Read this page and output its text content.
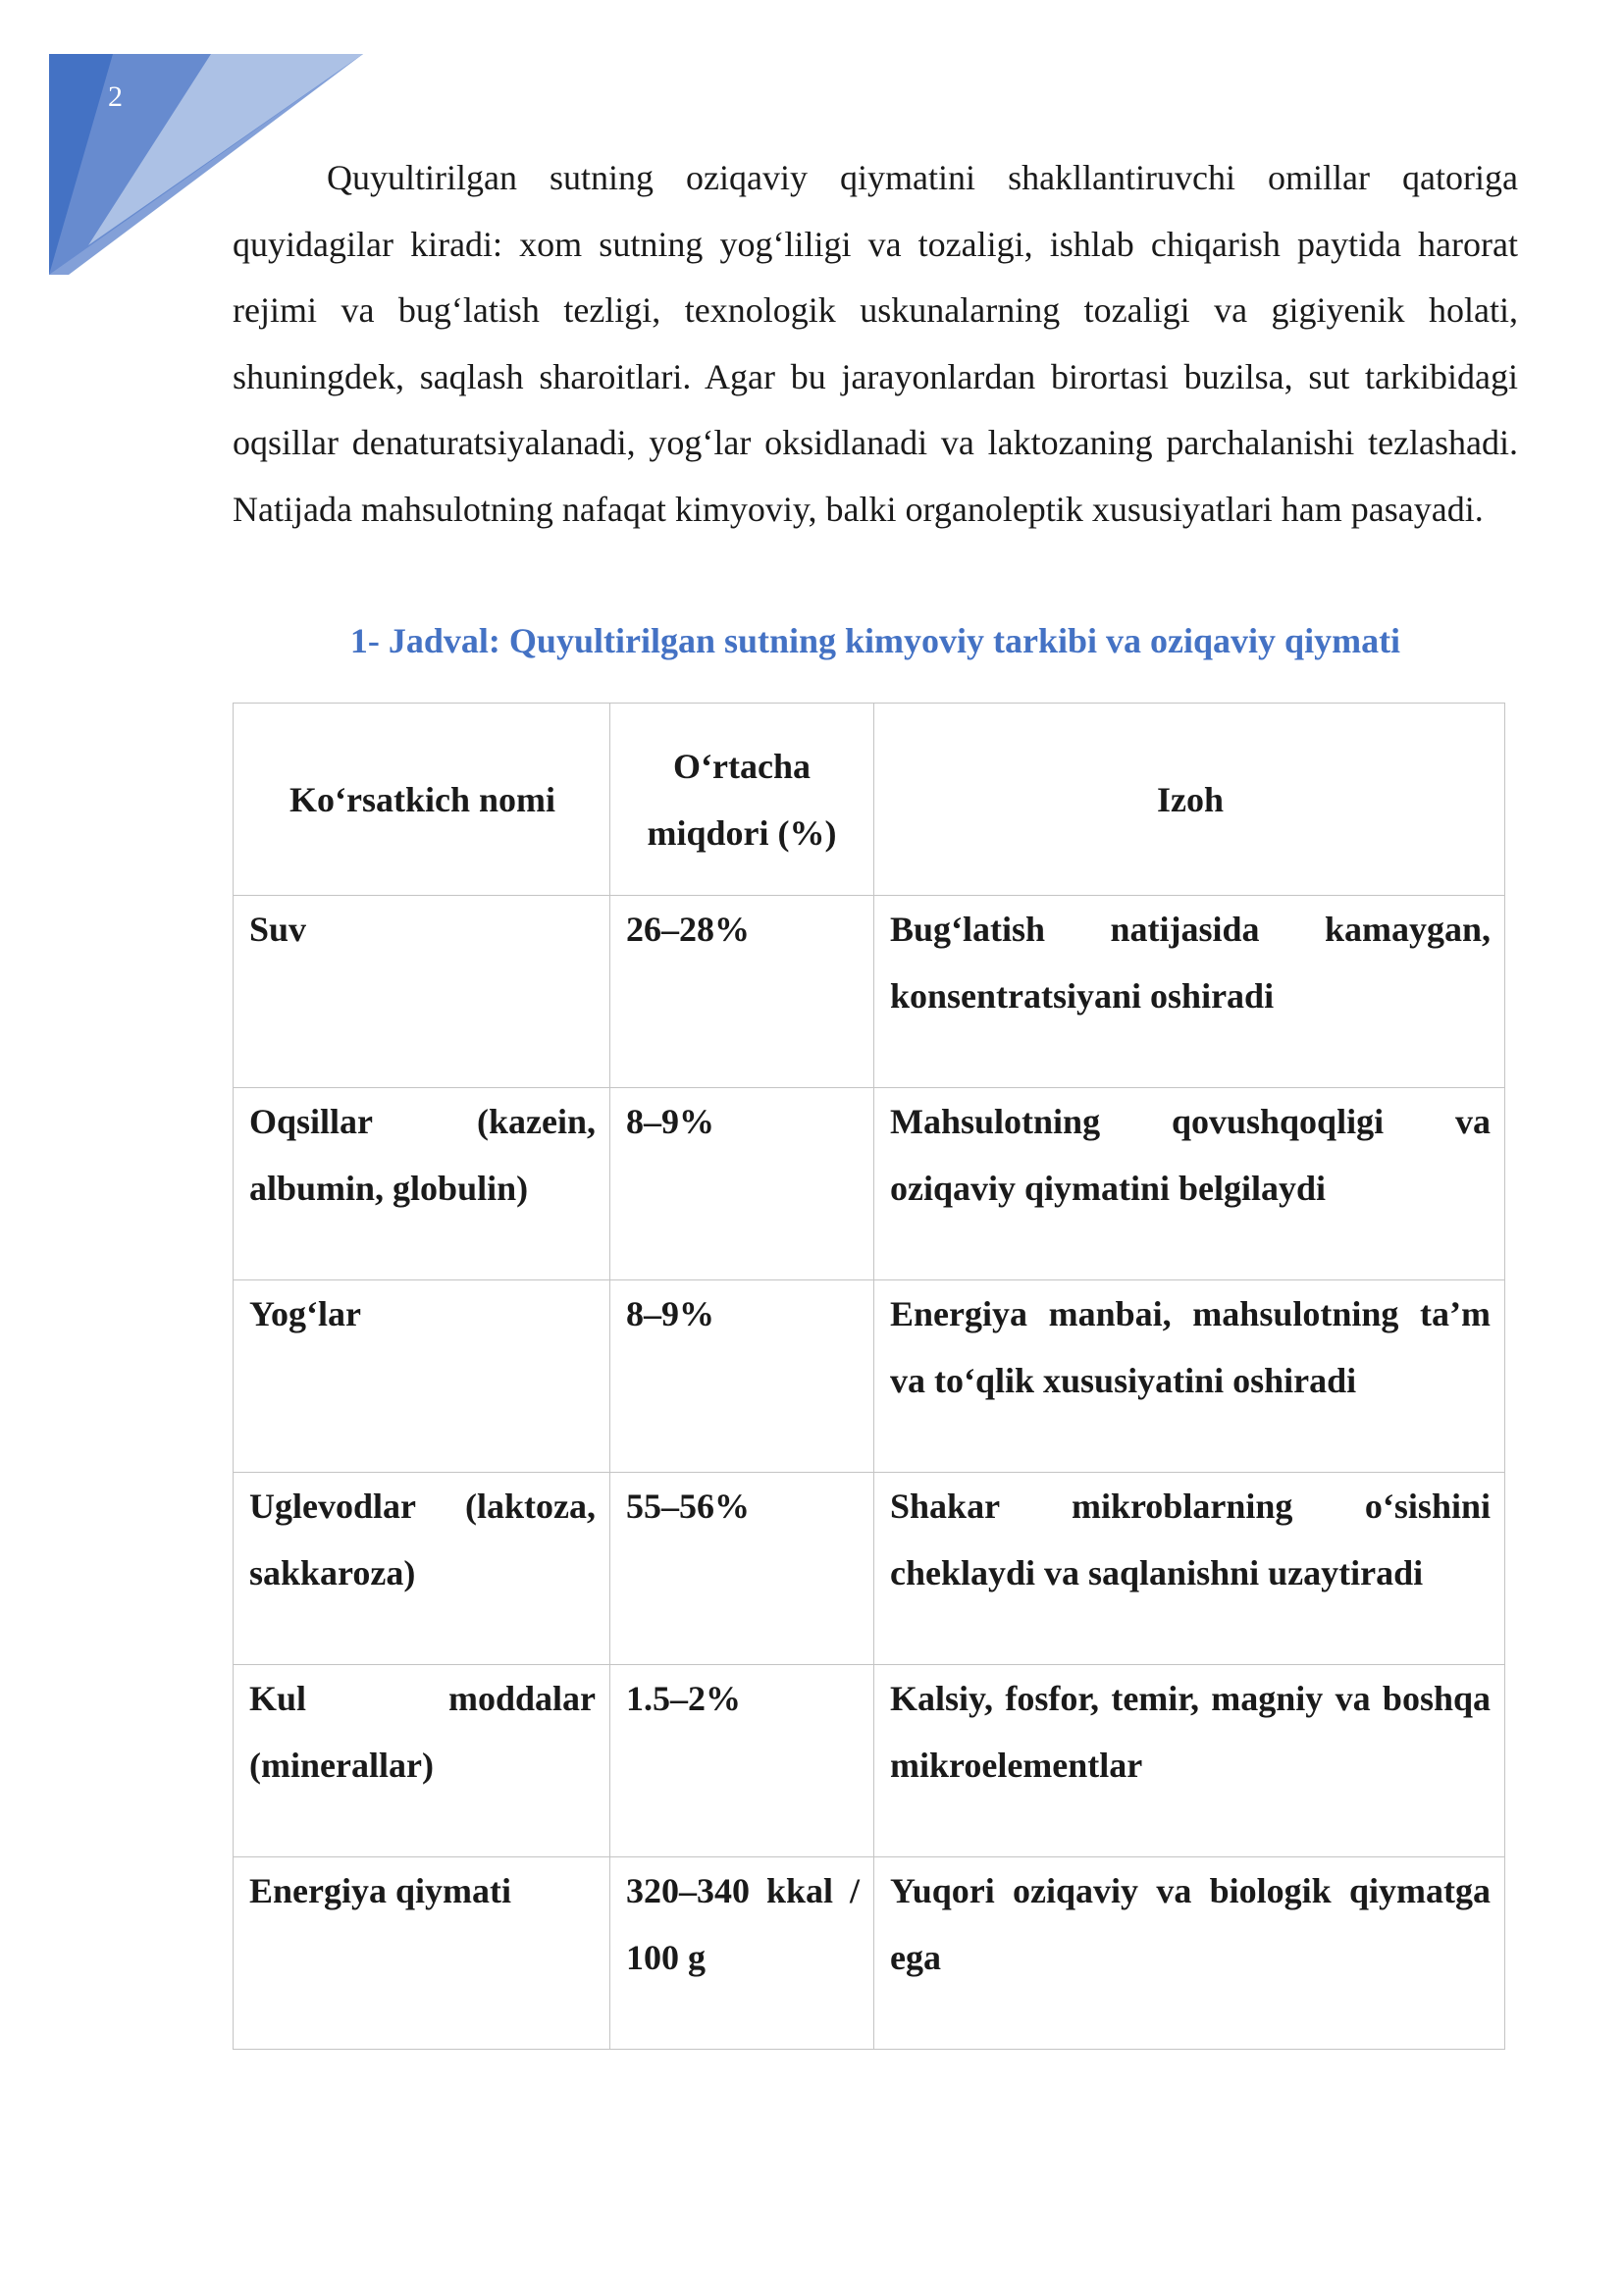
2

Quyultirilgan sutning oziqaviy qiymatini shakllantiruvchi omillar qatoriga quyidagilar kiradi: xom sutning yog‘liligi va tozaligi, ishlab chiqarish paytida harorat rejimi va bug‘latish tezligi, texnologik uskunalarning tozaligi va gigiyenik holati, shuningdek, saqlash sharoitlari. Agar bu jarayonlardan birortasi buzilsa, sut tarkibidagi oqsillar denaturatsiyalanadi, yog‘lar oksidlanadi va laktozaning parchalanishi tezlashadi. Natijada mahsulotning nafaqat kimyoviy, balki organoleptik xususiyatlari ham pasayadi.

1- Jadval: Quyultirilgan sutning kimyoviy tarkibi va oziqaviy qiymati

Ko‘rsatkich nomi	O‘rtacha miqdori (%)	Izoh
Suv	26–28%	Bug‘latish natijasida kamaygan, konsentratsiyani oshiradi
Oqsillar (kazein, albumin, globulin)	8–9%	Mahsulotning qovushqoqligi va oziqaviy qiymatini belgilaydi
Yog‘lar	8–9%	Energiya manbai, mahsulotning ta’m va to‘qlik xususiyatini oshiradi
Uglevodlar (laktoza, sakkaroza)	55–56%	Shakar mikroblarning o‘sishini cheklaydi va saqlanishni uzaytiradi
Kul moddalar (minerallar)	1.5–2%	Kalsiy, fosfor, temir, magniy va boshqa mikroelementlar
Energiya qiymati	320–340 kkal / 100 g	Yuqori oziqaviy va biologik qiymatga ega
